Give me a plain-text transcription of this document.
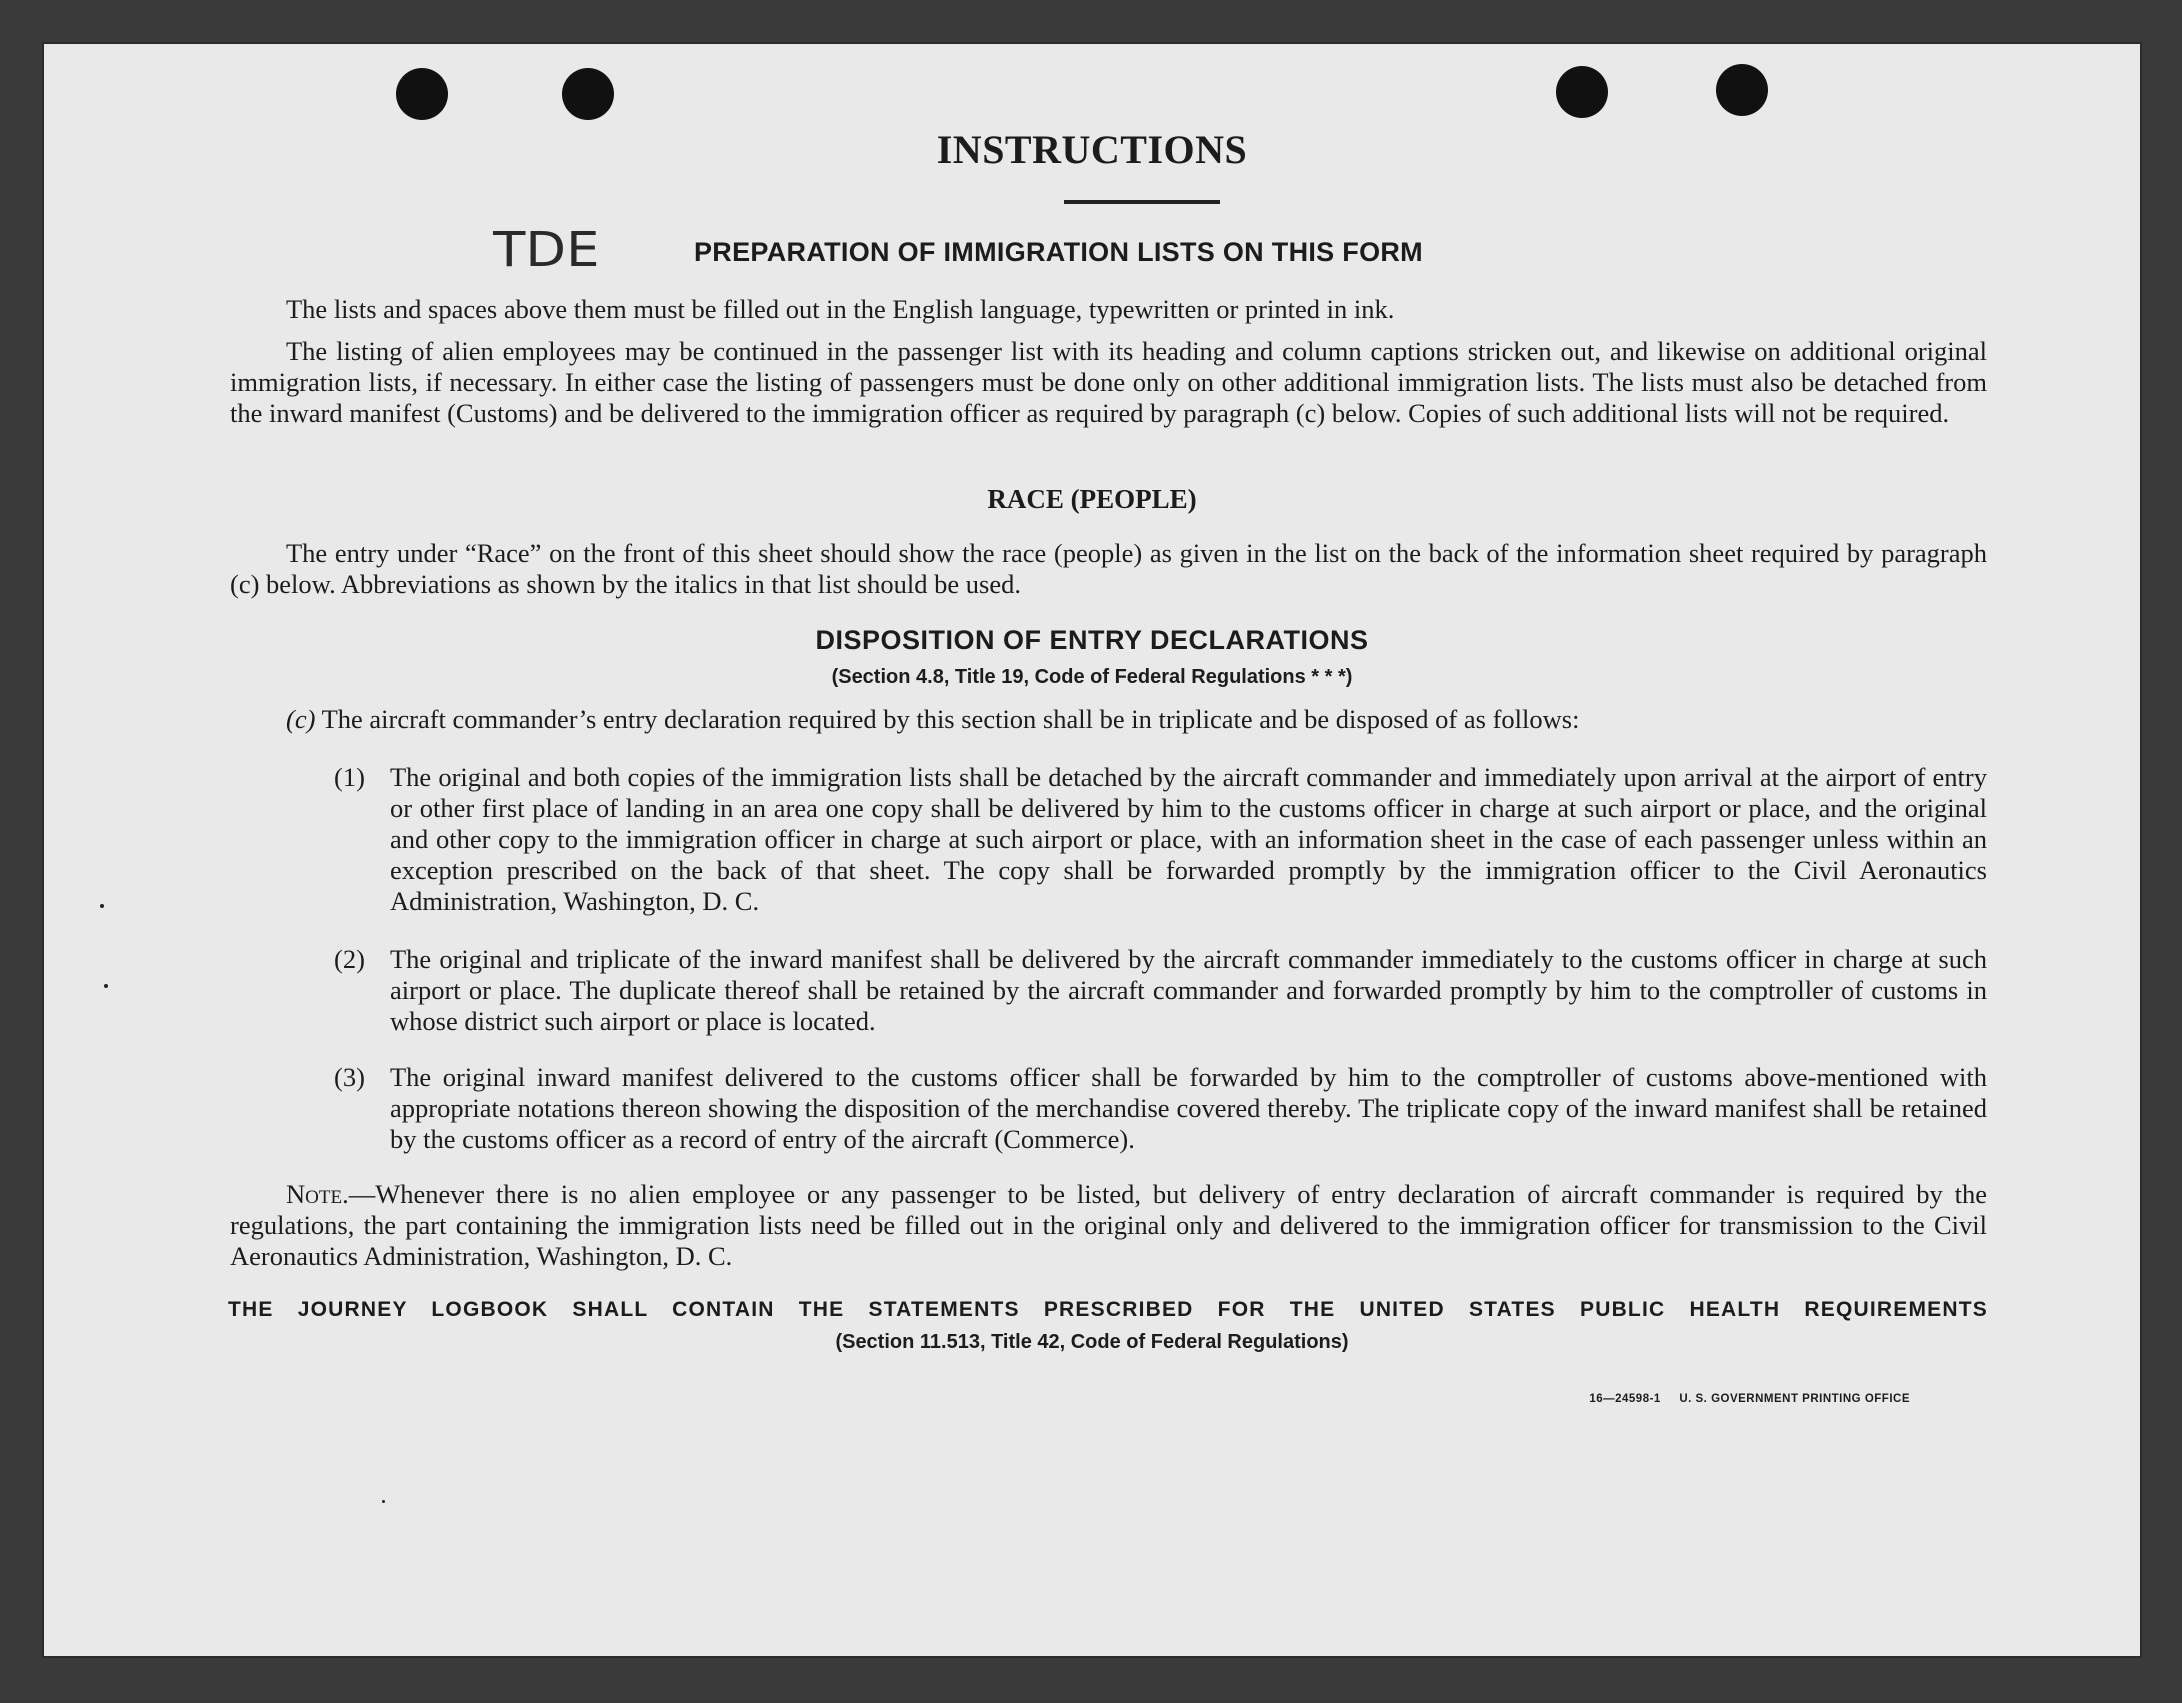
INSTRUCTIONS
TDE	PREPARATION OF IMMIGRATION LISTS ON THIS FORM

The lists and spaces above them must be filled out in the English language, typewritten or printed in ink.

The listing of alien employees may be continued in the passenger list with its heading and column captions stricken out, and likewise on additional original immigration lists, if necessary. In either case the listing of passengers must be done only on other additional immigration lists. The lists must also be detached from the inward manifest (Customs) and be delivered to the immigration officer as required by paragraph (c) below. Copies of such additional lists will not be required.

RACE (PEOPLE)

The entry under “Race” on the front of this sheet should show the race (people) as given in the list on the back of the information sheet required by paragraph (c) below. Abbreviations as shown by the italics in that list should be used.

DISPOSITION OF ENTRY DECLARATIONS
(Section 4.8, Title 19, Code of Federal Regulations * * *)

(c) The aircraft commander’s entry declaration required by this section shall be in triplicate and be disposed of as follows:

(1) The original and both copies of the immigration lists shall be detached by the aircraft commander and immediately upon arrival at the airport of entry or other first place of landing in an area one copy shall be delivered by him to the customs officer in charge at such airport or place, and the original and other copy to the immigration officer in charge at such airport or place, with an information sheet in the case of each passenger unless within an exception prescribed on the back of that sheet. The copy shall be forwarded promptly by the immigration officer to the Civil Aeronautics Administration, Washington, D. C.
(2) The original and triplicate of the inward manifest shall be delivered by the aircraft commander immediately to the customs officer in charge at such airport or place. The duplicate thereof shall be retained by the aircraft commander and forwarded promptly by him to the comptroller of customs in whose district such airport or place is located.
(3) The original inward manifest delivered to the customs officer shall be forwarded by him to the comptroller of customs above-mentioned with appropriate notations thereon showing the disposition of the merchandise covered thereby. The triplicate copy of the inward manifest shall be retained by the customs officer as a record of entry of the aircraft (Commerce).

Note.—Whenever there is no alien employee or any passenger to be listed, but delivery of entry declaration of aircraft commander is required by the regulations, the part containing the immigration lists need be filled out in the original only and delivered to the immigration officer for transmission to the Civil Aeronautics Administration, Washington, D. C.

THE JOURNEY LOGBOOK SHALL CONTAIN THE STATEMENTS PRESCRIBED FOR THE UNITED STATES PUBLIC HEALTH REQUIREMENTS
(Section 11.513, Title 42, Code of Federal Regulations)
16—24598-1 U. S. GOVERNMENT PRINTING OFFICE
